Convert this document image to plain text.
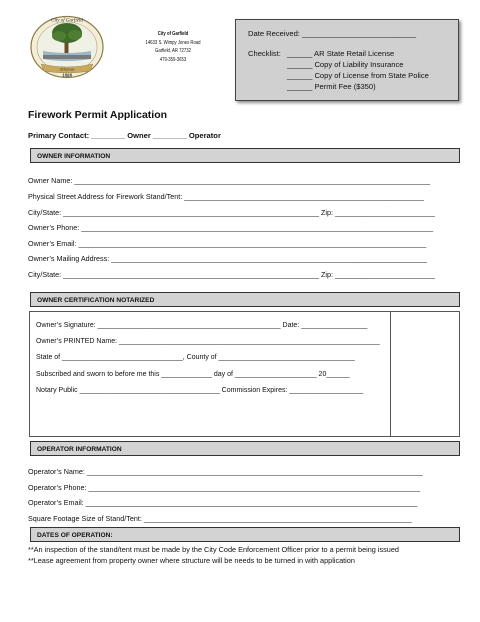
Arkansas
1888
City of Garfield
City of Garfield
14633 S. Wimpy Jones Road
Garfield, AR 72732
479-359-3653
Date Received: ___________________________
Checklist: ______ AR State Retail License
______ Copy of Liability Insurance
______ Copy of License from State Police
______ Permit Fee ($350)
Firework Permit Application
Primary Contact: ________ Owner ________ Operator
OWNER INFORMATION
Owner Name: _________________________________________________________________________________________
Physical Street Address for Firework Stand/Tent: ____________________________________________________________
City/State: ________________________________________________________________ Zip: _________________________
Owner’s Phone: ________________________________________________________________________________________
Owner’s Email: _______________________________________________________________________________________
Owner’s Mailing Address: _______________________________________________________________________________
City/State: ________________________________________________________________ Zip: _________________________
OWNER CERTIFICATION NOTARIZED
Owner’s Signature: _______________________________________________ Date: _________________
Owner’s PRINTED Name: ___________________________________________________________________
State of _______________________________, County of ___________________________________
Subscribed and sworn to before me this _____________ day of _____________________ 20______
Notary Public ____________________________________ Commission Expires: ___________________
OPERATOR INFORMATION
Operator’s Name: ____________________________________________________________________________________
Operator’s Phone: ___________________________________________________________________________________
Operator’s Email: ___________________________________________________________________________________
Square Footage Size of Stand/Tent: ___________________________________________________________________
DATES OF OPERATION:
**An inspection of the stand/tent must be made by the City Code Enforcement Officer prior to a permit being issued
**Lease agreement from property owner where structure will be needs to be turned in with application
